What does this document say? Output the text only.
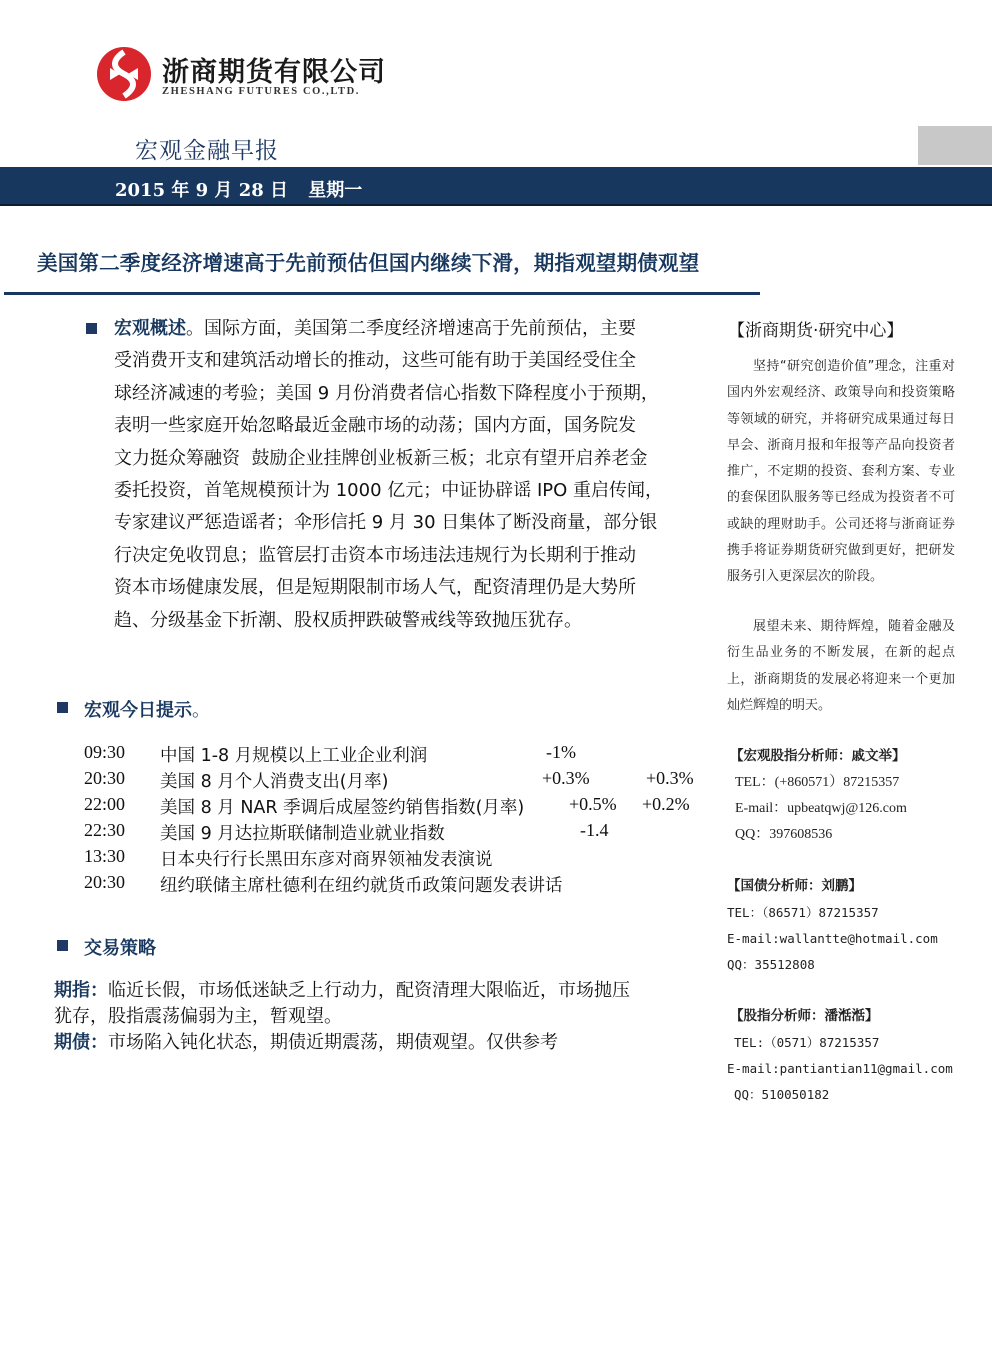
浙商期货有限公司
ZHESHANG FUTURES CO.,LTD.
宏观金融早报
2015 年 9 月 28 日 星期一
美国第二季度经济增速高于先前预估但国内继续下滑，期指观望期债观望
宏观概述。国际方面，美国第二季度经济增速高于先前预估，主要
受消费开支和建筑活动增长的推动，这些可能有助于美国经受住全
球经济减速的考验；美国 9 月份消费者信心指数下降程度小于预期，
表明一些家庭开始忽略最近金融市场的动荡；国内方面，国务院发
文力挺众筹融资  鼓励企业挂牌创业板新三板；北京有望开启养老金
委托投资，首笔规模预计为 1000 亿元；中证协辟谣 IPO 重启传闻，
专家建议严惩造谣者；伞形信托 9 月 30 日集体了断没商量，部分银
行决定免收罚息；监管层打击资本市场违法违规行为长期利于推动
资本市场健康发展，但是短期限制市场人气，配资清理仍是大势所
趋、分级基金下折潮、股权质押跌破警戒线等致抛压犹存。
宏观今日提示。
09:30 中国 1-8 月规模以上工业企业利润	-1%
20:30 美国 8 月个人消费支出(月率)	+0.3%	+0.3%
22:00 美国 8 月 NAR 季调后成屋签约销售指数(月率) +0.5% +0.2%
22:30 美国 9 月达拉斯联储制造业就业指数	-1.4
13:30 日本央行行长黑田东彦对商界领袖发表演说
20:30 纽约联储主席杜德利在纽约就货币政策问题发表讲话
交易策略
期指：临近长假，市场低迷缺乏上行动力，配资清理大限临近，市场抛压
犹存，股指震荡偏弱为主，暂观望。
期债：市场陷入钝化状态，期债近期震荡，期债观望。仅供参考
【浙商期货·研究中心】
坚持“研究创造价值”理念，注重对国内外宏观经济、政策导向和投资策略等领域的研究，并将研究成果通过每日早会、浙商月报和年报等产品向投资者推广，不定期的投资、套利方案、专业的套保团队服务等已经成为投资者不可或缺的理财助手。公司还将与浙商证券携手将证券期货研究做到更好，把研发服务引入更深层次的阶段。
展望未来、期待辉煌，随着金融及衍生品业务的不断发展，在新的起点上，浙商期货的发展必将迎来一个更加灿烂辉煌的明天。
【宏观股指分析师：戚文举】
TEL：(+860571）87215357
E-mail：upbeatqwj@126.com
QQ：397608536
【国债分析师：刘鹏】
TEL：（86571）87215357
E-mail:wallantte@hotmail.com
QQ：35512808
【股指分析师：潘湉湉】
TEL:（0571）87215357
E-mail:pantiantian11@gmail.com
QQ：510050182
